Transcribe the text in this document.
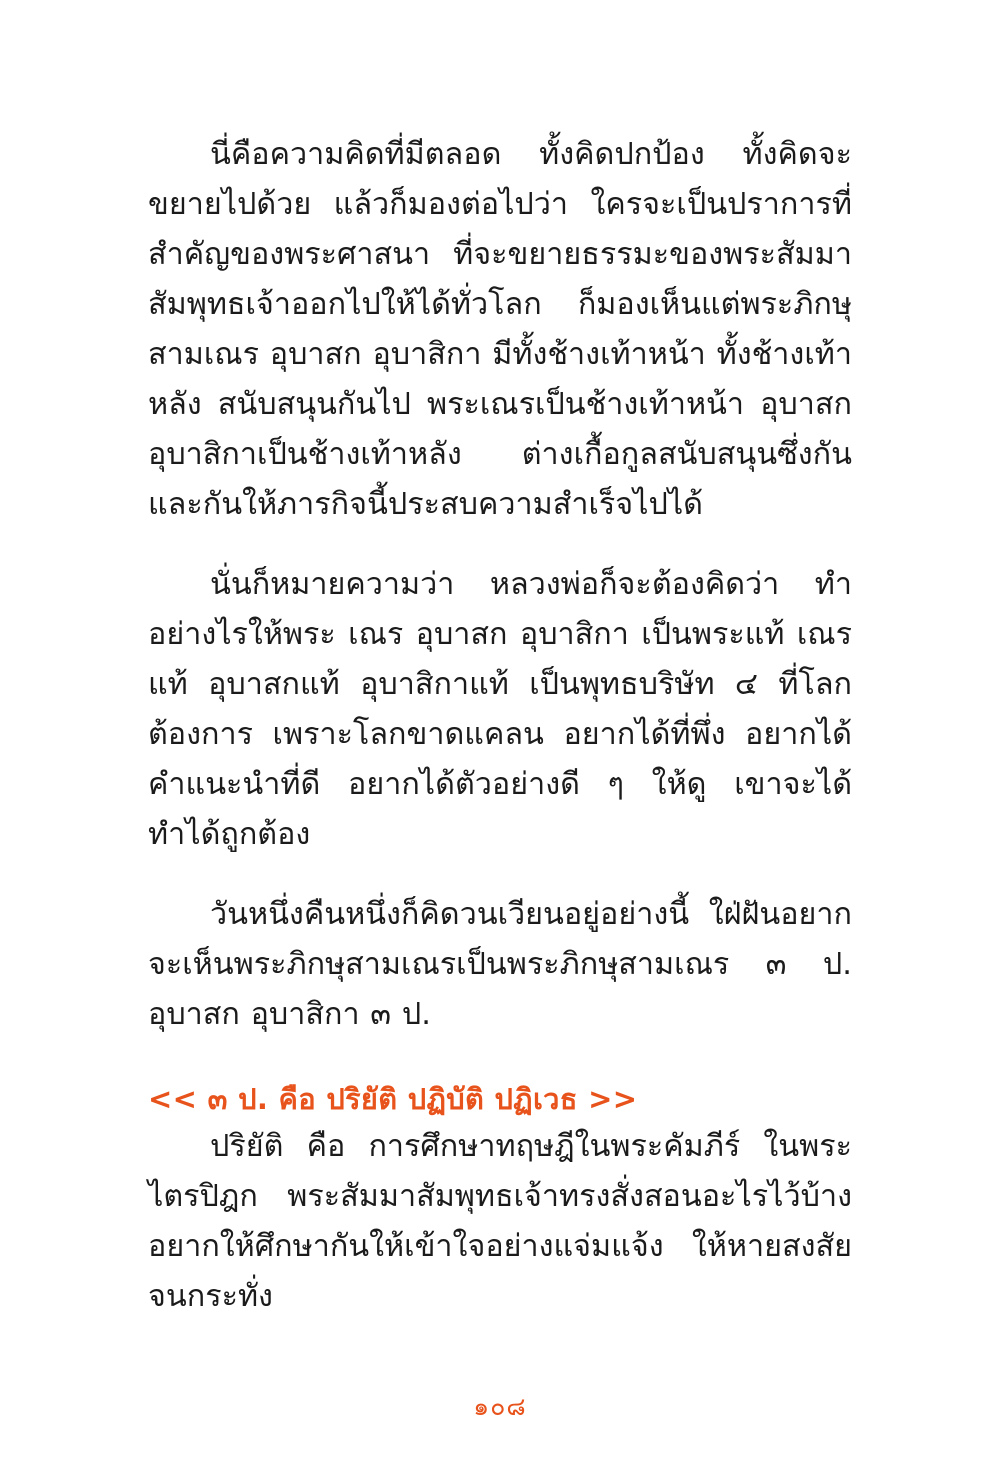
นี่คือความคิดที่มีตลอด ทั้งคิดปกป้อง ทั้งคิดจะขยายไปด้วย แล้วก็มองต่อไปว่า ใครจะเป็นปราการที่สำคัญของพระศาสนา ที่จะขยายธรรมะของพระสัมมาสัมพุทธเจ้าออกไปให้ได้ทั่วโลก ก็มองเห็นแต่พระภิกษุ สามเณร อุบาสก อุบาสิกา มีทั้งช้างเท้าหน้า ทั้งช้างเท้าหลัง สนับสนุนกันไป พระเณรเป็นช้างเท้าหน้า อุบาสกอุบาสิกาเป็นช้างเท้าหลัง ต่างเกื้อกูลสนับสนุนซึ่งกันและกันให้ภารกิจนี้ประสบความสำเร็จไปได้

นั่นก็หมายความว่า หลวงพ่อก็จะต้องคิดว่า ทำอย่างไรให้พระ เณร อุบาสก อุบาสิกา เป็นพระแท้ เณรแท้ อุบาสกแท้ อุบาสิกาแท้ เป็นพุทธบริษัท ๔ ที่โลกต้องการ เพราะโลกขาดแคลน อยากได้ที่พึ่ง อยากได้คำแนะนำที่ดี อยากได้ตัวอย่างดี ๆ ให้ดู เขาจะได้ทำได้ถูกต้อง

วันหนึ่งคืนหนึ่งก็คิดวนเวียนอยู่อย่างนี้ ใฝ่ฝันอยากจะเห็นพระภิกษุสามเณรเป็นพระภิกษุสามเณร ๓ ป. อุบาสก อุบาสิกา ๓ ป.

<< ๓ ป. คือ ปริยัติ ปฏิบัติ ปฏิเวธ >>

ปริยัติ คือ การศึกษาทฤษฎีในพระคัมภีร์ ในพระไตรปิฎก พระสัมมาสัมพุทธเจ้าทรงสั่งสอนอะไรไว้บ้าง อยากให้ศึกษากันให้เข้าใจอย่างแจ่มแจ้ง ให้หายสงสัย จนกระทั่ง

๑๐๘
